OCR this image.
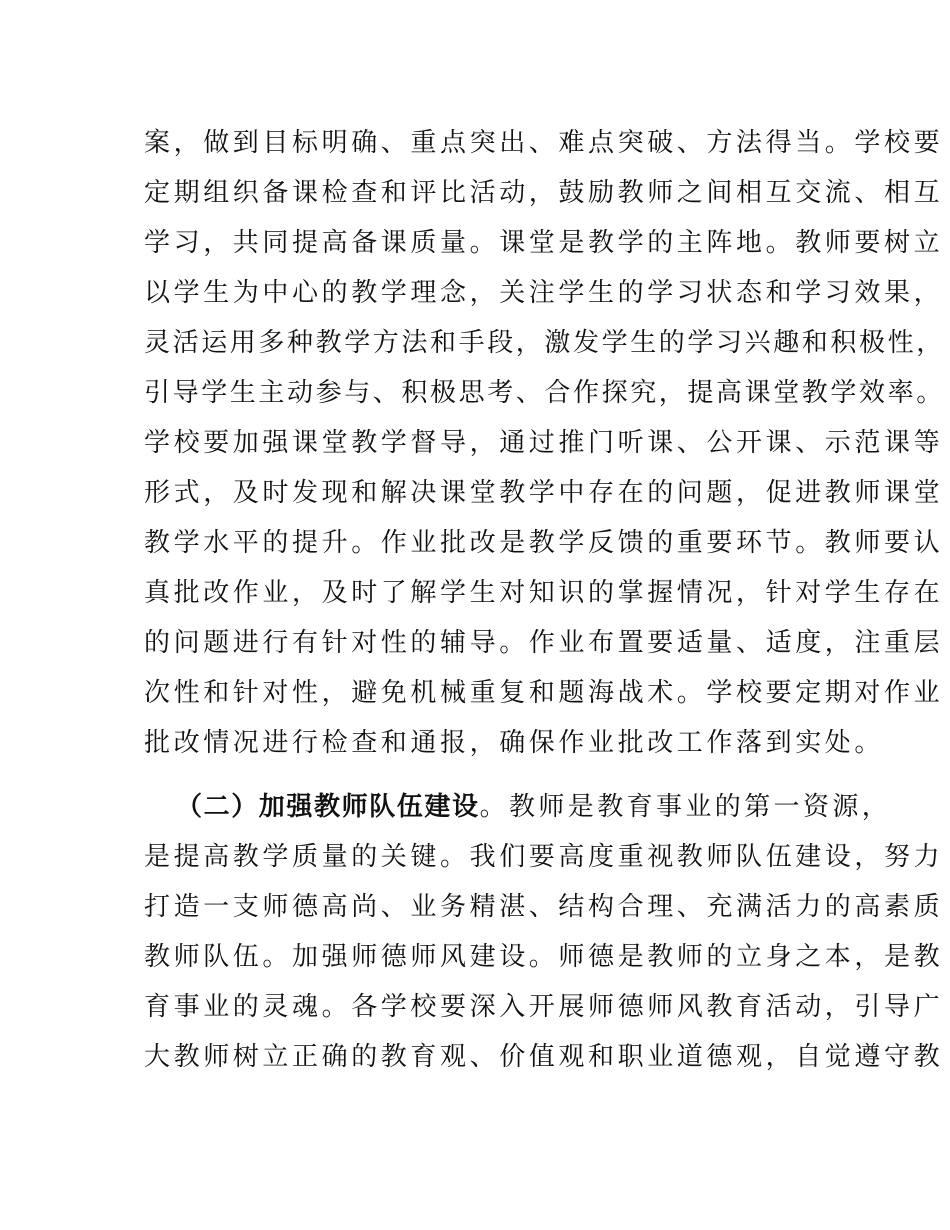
案，做到目标明确、重点突出、难点突破、方法得当。学校要

定期组织备课检查和评比活动，鼓励教师之间相互交流、相互

学习，共同提高备课质量。课堂是教学的主阵地。教师要树立

以学生为中心的教学理念，关注学生的学习状态和学习效果，

灵活运用多种教学方法和手段，激发学生的学习兴趣和积极性，

引导学生主动参与、积极思考、合作探究，提高课堂教学效率。

学校要加强课堂教学督导，通过推门听课、公开课、示范课等

形式，及时发现和解决课堂教学中存在的问题，促进教师课堂

教学水平的提升。作业批改是教学反馈的重要环节。教师要认

真批改作业，及时了解学生对知识的掌握情况，针对学生存在

的问题进行有针对性的辅导。作业布置要适量、适度，注重层

次性和针对性，避免机械重复和题海战术。学校要定期对作业

批改情况进行检查和通报，确保作业批改工作落到实处。

（二）加强教师队伍建设。教师是教育事业的第一资源，

是提高教学质量的关键。我们要高度重视教师队伍建设，努力

打造一支师德高尚、业务精湛、结构合理、充满活力的高素质

教师队伍。加强师德师风建设。师德是教师的立身之本，是教

育事业的灵魂。各学校要深入开展师德师风教育活动，引导广

大教师树立正确的教育观、价值观和职业道德观，自觉遵守教
